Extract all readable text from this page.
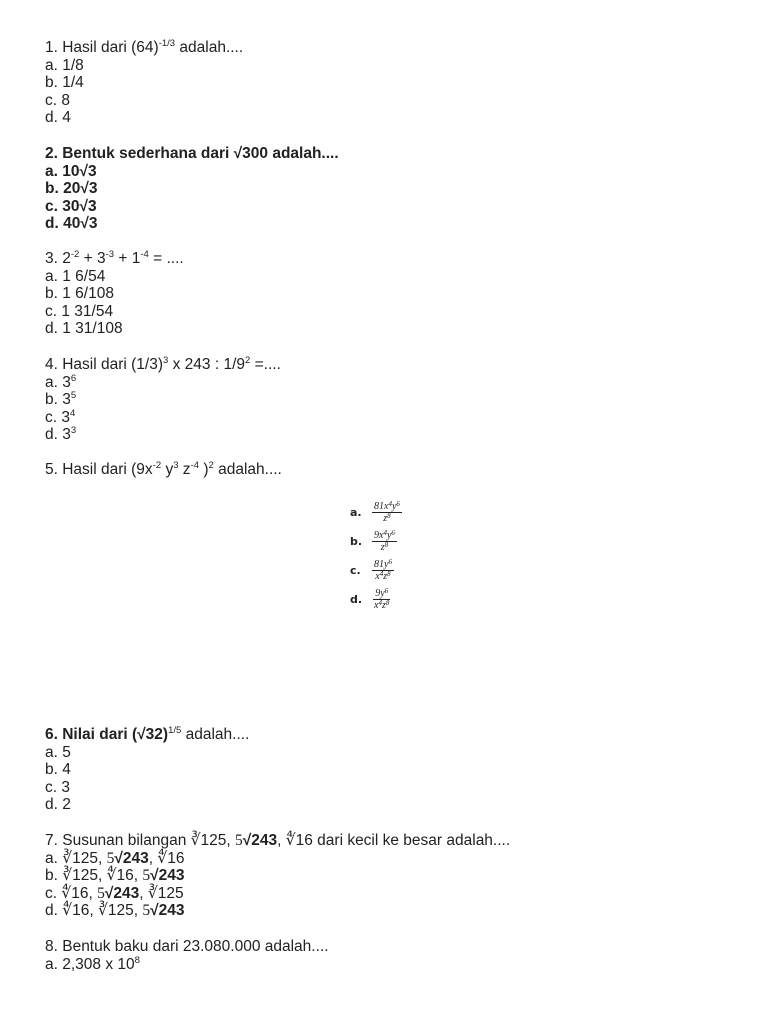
1. Hasil dari $(64)^{-1/3}$ adalah....
a. 1/8
b. 1/4
c. 8
d. 4
2. Bentuk sederhana dari √300 adalah....
a. 10√3
b. 20√3
c. 30√3
d. 40√3
3. $2^{-2} + 3^{-3} + 1^{-4}$ = ....
a. 1 6/54
b. 1 6/108
c. 1 31/54
d. 1 31/108
4. Hasil dari $(1/3)^3$ x 243 : $1/9^2$ =....
a. $3^6$
b. $3^5$
c. $3^4$
d. $3^3$
5. Hasil dari ($9x^{-2}$ $y^3$ $z^{-4}$ )$^2$ adalah....
a.	$\frac{81x^4y^6}{z^8}$
b. $\frac{9x^4y^6}{z^8}$
c.	$\frac{81y^6}{x^4z^8}$
d. $\frac{9y^6}{x^4z^8}$
6. Nilai dari $(√32)^{1/5}$ adalah....
a. 5
b. 4
c. 3
d. 2
7. Susunan bilangan ∛125, 5√243, ∜16 dari kecil ke besar adalah....
a. ∛125, 5√243, ∜16
b. ∛125, ∜16, 5√243
c. ∜16, 5√243, ∛125
d. ∜16, ∛125, 5√243
8. Bentuk baku dari 23.080.000 adalah....
a. 2,308 x $10^8$
